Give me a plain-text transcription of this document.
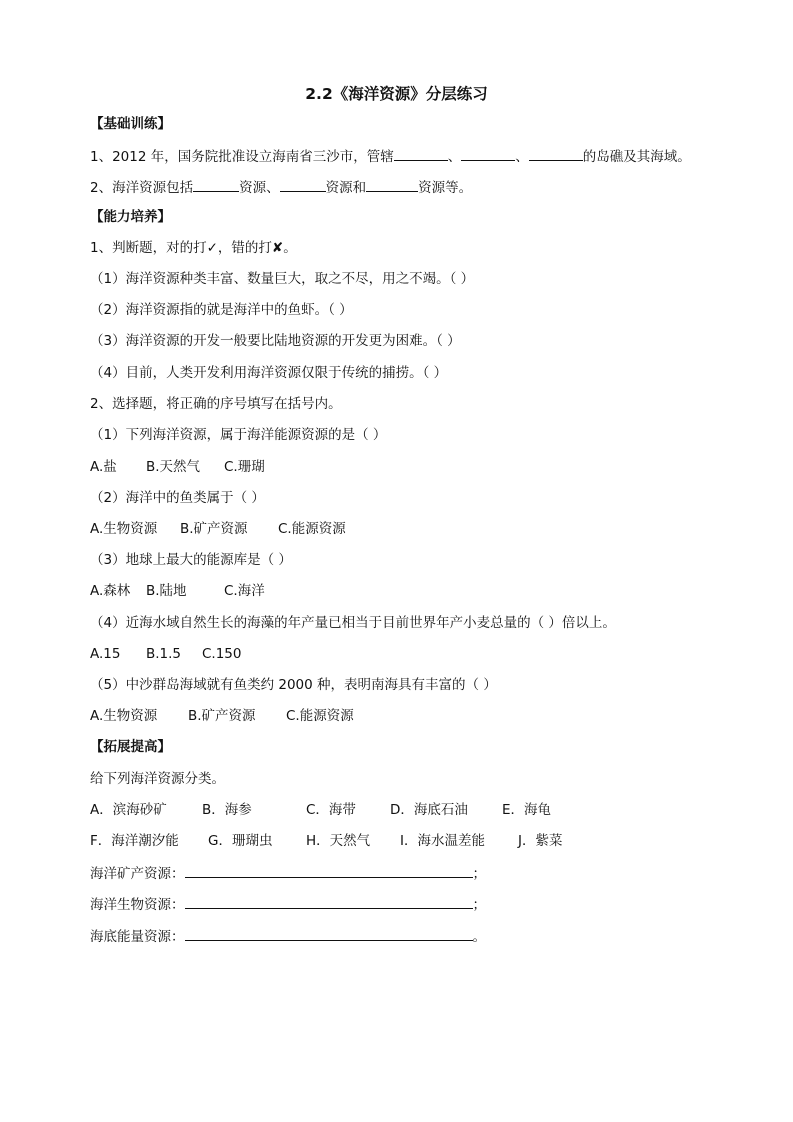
2.2《海洋资源》分层练习
【基础训练】
1、2012 年，国务院批准设立海南省三沙市，管辖	、	、	的岛礁及其海域。
2、海洋资源包括	资源、	资源和	资源等。
【能力培养】
1、判断题，对的打✓，错的打✘。
（1）海洋资源种类丰富、数量巨大，取之不尽，用之不竭。（ ）
（2）海洋资源指的就是海洋中的鱼虾。（ ）
（3）海洋资源的开发一般要比陆地资源的开发更为困难。（ ）
（4）目前，人类开发利用海洋资源仅限于传统的捕捞。（ ）
2、选择题，将正确的序号填写在括号内。
（1）下列海洋资源，属于海洋能源资源的是（ ）
A.盐 B.天然气 C.珊瑚
（2）海洋中的鱼类属于（ ）
A.生物资源 B.矿产资源 C.能源资源
（3）地球上最大的能源库是（ ）
A.森林 B.陆地	C.海洋
（4）近海水域自然生长的海藻的年产量已相当于目前世界年产小麦总量的（ ）倍以上。
A.15 B.1.5 C.150
（5）中沙群岛海域就有鱼类约 2000 种，表明南海具有丰富的（ ）
A.生物资源 B.矿产资源 C.能源资源
【拓展提高】
给下列海洋资源分类。
A．滨海砂矿	B．海参	C．海带	D．海底石油	E．海龟
F．海洋潮汐能 G．珊瑚虫 H．天然气 I．海水温差能 J．紫菜
海洋矿产资源：	；
海洋生物资源：	；
海底能量资源：	。
